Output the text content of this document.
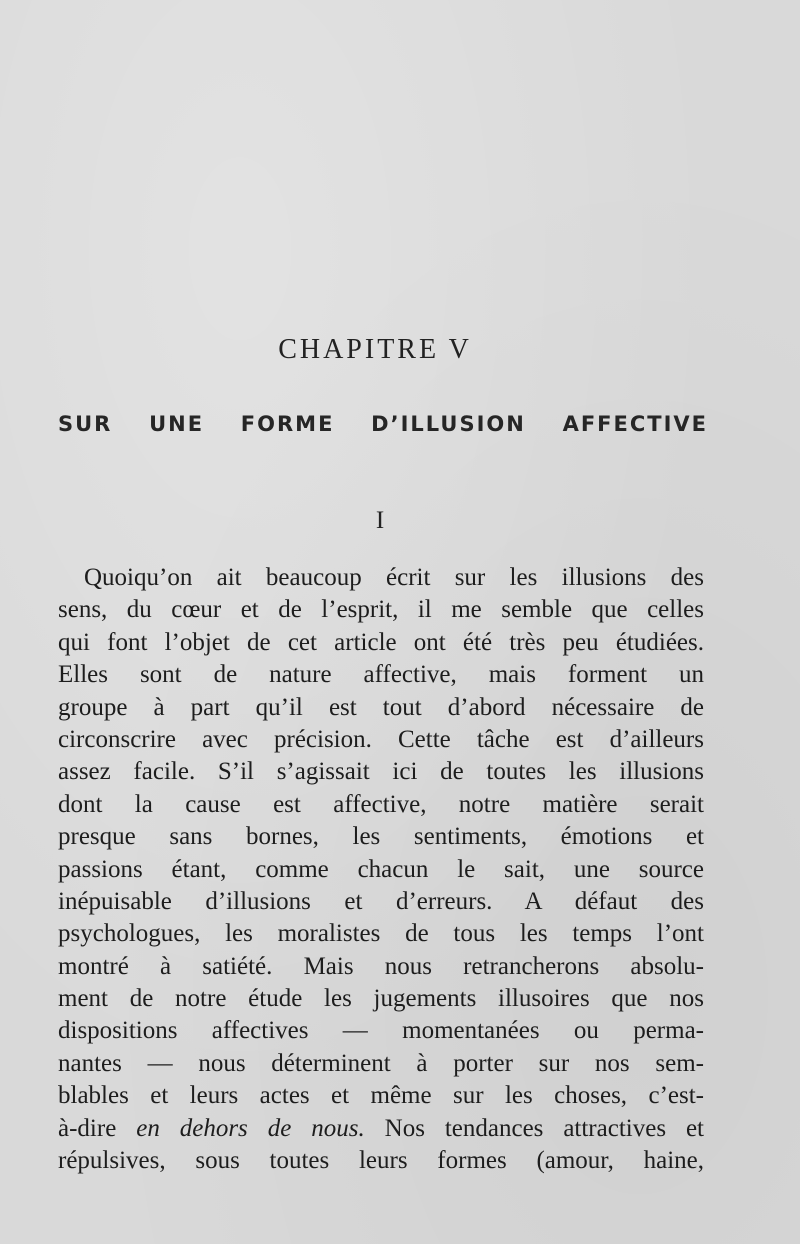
CHAPITRE V
SUR UNE FORME D’ILLUSION AFFECTIVE
I
Quoiqu’on ait beaucoup écrit sur les illusions des
sens, du cœur et de l’esprit, il me semble que celles
qui font l’objet de cet article ont été très peu étudiées.
Elles sont de nature affective, mais forment un
groupe à part qu’il est tout d’abord nécessaire de
circonscrire avec précision. Cette tâche est d’ailleurs
assez facile. S’il s’agissait ici de toutes les illusions
dont la cause est affective, notre matière serait
presque sans bornes, les sentiments, émotions et
passions étant, comme chacun le sait, une source
inépuisable d’illusions et d’erreurs. A défaut des
psychologues, les moralistes de tous les temps l’ont
montré à satiété. Mais nous retrancherons absolu-
ment de notre étude les jugements illusoires que nos
dispositions affectives — momentanées ou perma-
nantes — nous déterminent à porter sur nos sem-
blables et leurs actes et même sur les choses, c’est-
à-dire en dehors de nous. Nos tendances attractives et
répulsives, sous toutes leurs formes (amour, haine,
